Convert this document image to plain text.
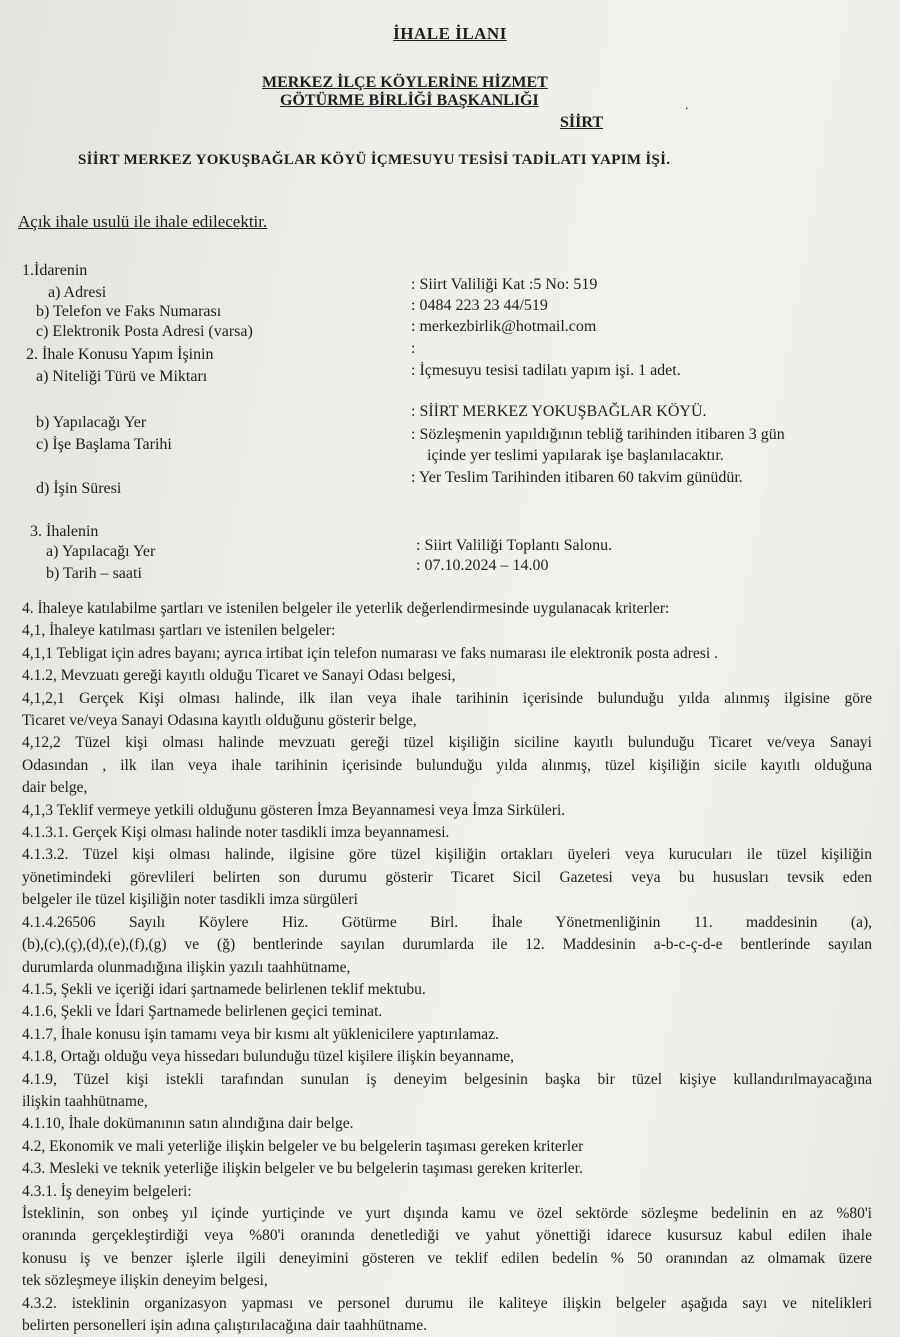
İHALE İLANI
MERKEZ İLÇE KÖYLERİNE HİZMET
GÖTÜRME BİRLİĞİ BAŞKANLIĞI
SİİRT
.
SİİRT MERKEZ YOKUŞBAĞLAR KÖYÜ İÇMESUYU TESİSİ TADİLATI YAPIM İŞİ.
Açık ihale usulü ile ihale edilecektir.
1.İdarenin
a) Adresi	: Siirt Valiliği Kat :5 No: 519
b) Telefon ve Faks Numarası	: 0484 223 23 44/519
c) Elektronik Posta Adresi (varsa)	: merkezbirlik@hotmail.com
2. İhale Konusu Yapım İşinin	:
a) Niteliği Türü ve Miktarı	: İçmesuyu tesisi tadilatı yapım işi. 1 adet.
b) Yapılacağı Yer
: SİİRT MERKEZ YOKUŞBAĞLAR KÖYÜ.
c) İşe Başlama Tarihi
: Sözleşmenin yapıldığının tebliğ tarihinden itibaren 3 gün
içinde yer teslimi yapılarak işe başlanılacaktır.
d) İşin Süresi
: Yer Teslim Tarihinden itibaren 60 takvim günüdür.
3. İhalenin
a) Yapılacağı Yer	: Siirt Valiliği Toplantı Salonu.
b) Tarih – saati	: 07.10.2024 – 14.00
4. İhaleye katılabilme şartları ve istenilen belgeler ile yeterlik değerlendirmesinde uygulanacak kriterler:
4,1, İhaleye katılması şartları ve istenilen belgeler:
4,1,1 Tebligat için adres bayanı; ayrıca irtibat için telefon numarası ve faks numarası ile elektronik posta adresi .
4.1.2, Mevzuatı gereği kayıtlı olduğu Ticaret ve Sanayi Odası belgesi,
4,1,2,1 Gerçek Kişi olması halinde, ilk ilan veya ihale tarihinin içerisinde bulunduğu yılda alınmış ilgisine göre
Ticaret ve/veya Sanayi Odasına kayıtlı olduğunu gösterir belge,
4,12,2 Tüzel kişi olması halinde mevzuatı gereği tüzel kişiliğin siciline kayıtlı bulunduğu Ticaret ve/veya Sanayi
Odasından , ilk ilan veya ihale tarihinin içerisinde bulunduğu yılda alınmış, tüzel kişiliğin sicile kayıtlı olduğuna
dair belge,
4,1,3 Teklif vermeye yetkili olduğunu gösteren İmza Beyannamesi veya İmza Sirküleri.
4.1.3.1. Gerçek Kişi olması halinde noter tasdikli imza beyannamesi.
4.1.3.2. Tüzel kişi olması halinde, ilgisine göre tüzel kişiliğin ortakları üyeleri veya kurucuları ile tüzel kişiliğin
yönetimindeki görevlileri belirten son durumu gösterir Ticaret Sicil Gazetesi veya bu hususları tevsik eden
belgeler ile tüzel kişiliğin noter tasdikli imza sürgüleri
4.1.4.26506 Sayılı Köylere Hiz. Götürme Birl. İhale Yönetmenliğinin 11. maddesinin (a),
(b),(c),(ç),(d),(e),(f),(g) ve (ğ) bentlerinde sayılan durumlarda ile 12. Maddesinin a-b-c-ç-d-e bentlerinde sayılan
durumlarda olunmadığına ilişkin yazılı taahhütname,
4.1.5, Şekli ve içeriği idari şartnamede belirlenen teklif mektubu.
4.1.6, Şekli ve İdari Şartnamede belirlenen geçici teminat.
4.1.7, İhale konusu işin tamamı veya bir kısmı alt yüklenicilere yaptırılamaz.
4.1.8, Ortağı olduğu veya hissedarı bulunduğu tüzel kişilere ilişkin beyanname,
4.1.9, Tüzel kişi istekli tarafından sunulan iş deneyim belgesinin başka bir tüzel kişiye kullandırılmayacağına
ilişkin taahhütname,
4.1.10, İhale dokümanının satın alındığına dair belge.
4.2, Ekonomik ve mali yeterliğe ilişkin belgeler ve bu belgelerin taşıması gereken kriterler
4.3. Mesleki ve teknik yeterliğe ilişkin belgeler ve bu belgelerin taşıması gereken kriterler.
4.3.1. İş deneyim belgeleri:
İsteklinin, son onbeş yıl içinde yurtiçinde ve yurt dışında kamu ve özel sektörde sözleşme bedelinin en az %80'i
oranında gerçekleştirdiği veya %80'i oranında denetlediği ve yahut yönettiği idarece kusursuz kabul edilen ihale
konusu iş ve benzer işlerle ilgili deneyimini gösteren ve teklif edilen bedelin % 50 oranından az olmamak üzere
tek sözleşmeye ilişkin deneyim belgesi,
4.3.2. isteklinin organizasyon yapması ve personel durumu ile kaliteye ilişkin belgeler aşağıda sayı ve nitelikleri
belirten personelleri işin adına çalıştırılacağına dair taahhütname.
